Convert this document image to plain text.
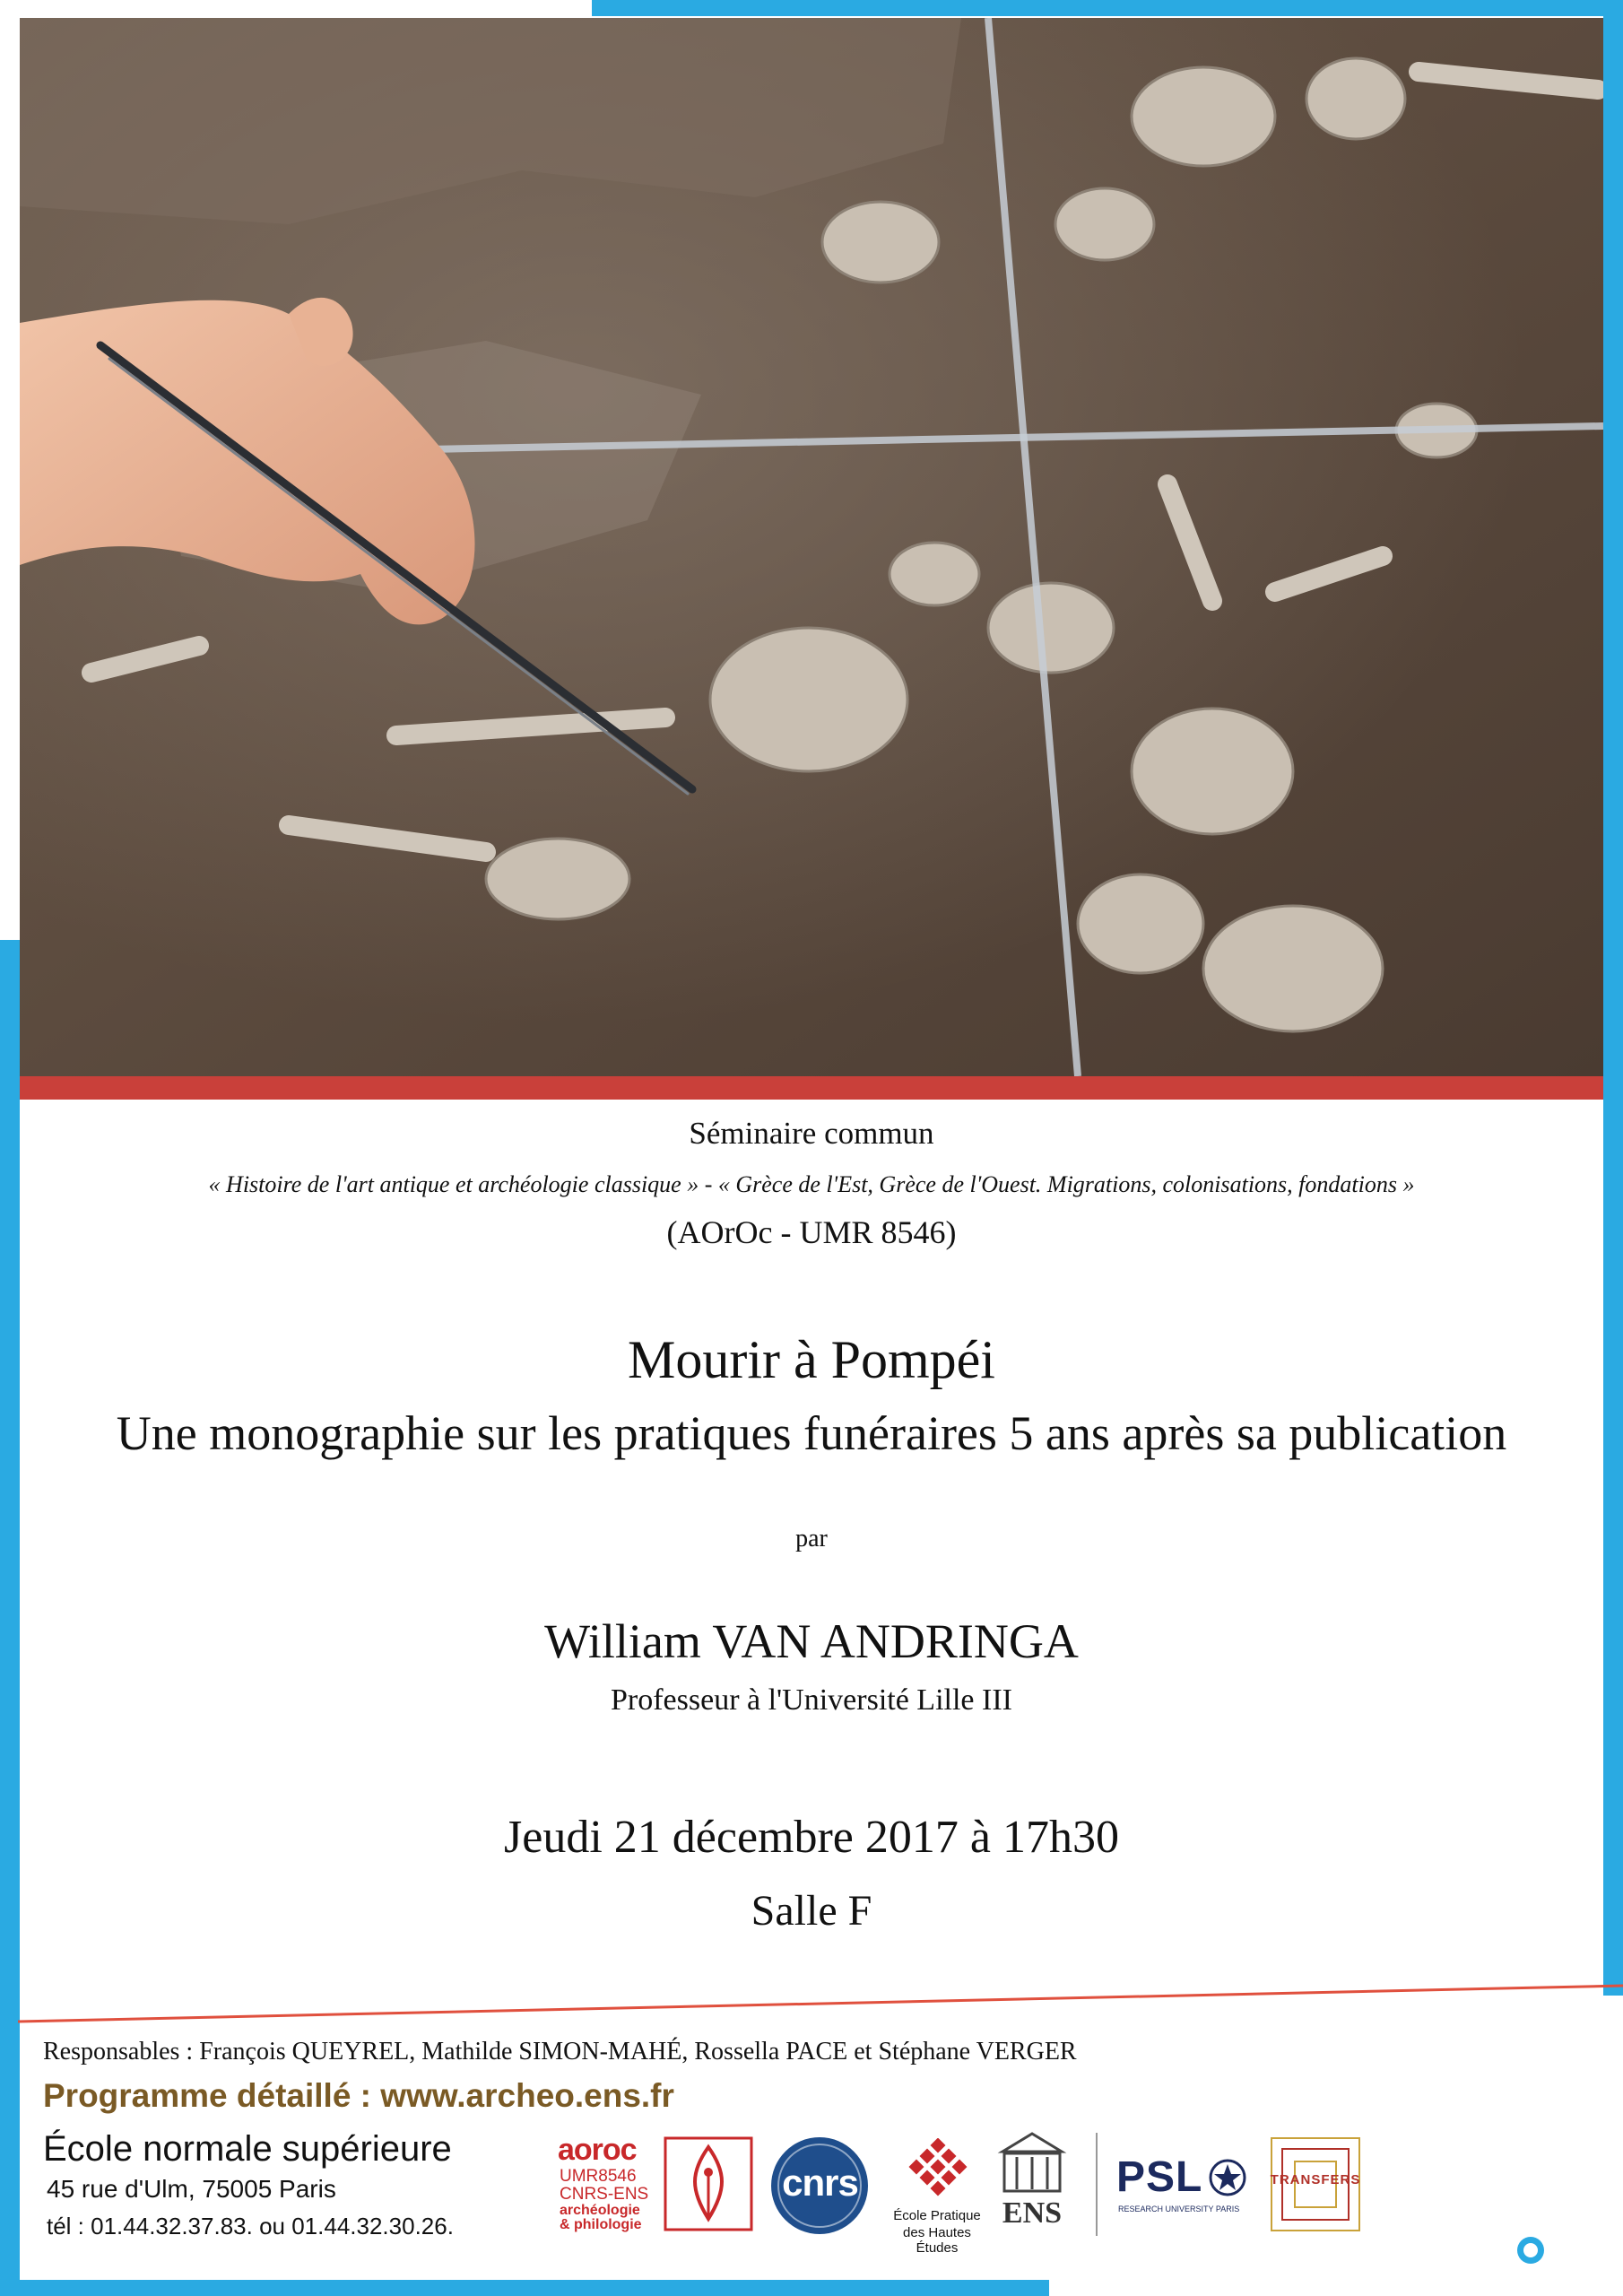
Séminaire commun
« Histoire de l'art antique et archéologie classique » - « Grèce de l'Est, Grèce de l'Ouest. Migrations, colonisations, fondations »
(AOrOc - UMR 8546)
Mourir à Pompéi
Une monographie sur les pratiques funéraires 5 ans après sa publication
par
William VAN ANDRINGA
Professeur à l'Université Lille III
Jeudi 21 décembre 2017 à 17h30
Salle F
Responsables : François QUEYREL, Mathilde SIMON-MAHÉ, Rossella PACE et Stéphane VERGER
Programme détaillé : www.archeo.ens.fr
École normale supérieure
45 rue d'Ulm, 75005 Paris
tél : 01.44.32.37.83. ou 01.44.32.30.26.
aoroc
UMR8546
CNRS-ENS
archéologie
& philologie
cnrs
École Pratique
des Hautes Études
ENS
PSL
RESEARCH UNIVERSITY PARIS
TRANSFERS
